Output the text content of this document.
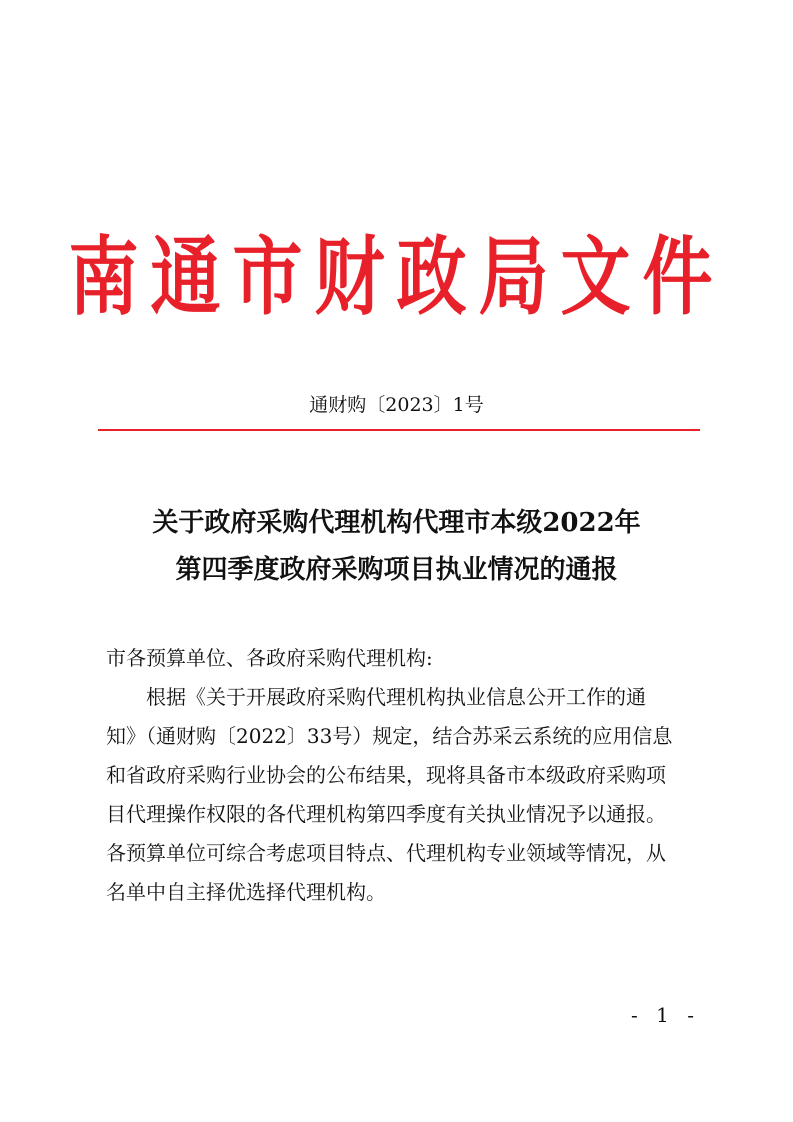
南通市财政局文件
通财购〔2023〕1号
关于政府采购代理机构代理市本级2022年
第四季度政府采购项目执业情况的通报
市各预算单位、各政府采购代理机构:
根据《关于开展政府采购代理机构执业信息公开工作的通
知》（通财购〔2022〕33号）规定，结合苏采云系统的应用信息
和省政府采购行业协会的公布结果，现将具备市本级政府采购项
目代理操作权限的各代理机构第四季度有关执业情况予以通报。
各预算单位可综合考虑项目特点、代理机构专业领域等情况，从
名单中自主择优选择代理机构。
- 1 -
